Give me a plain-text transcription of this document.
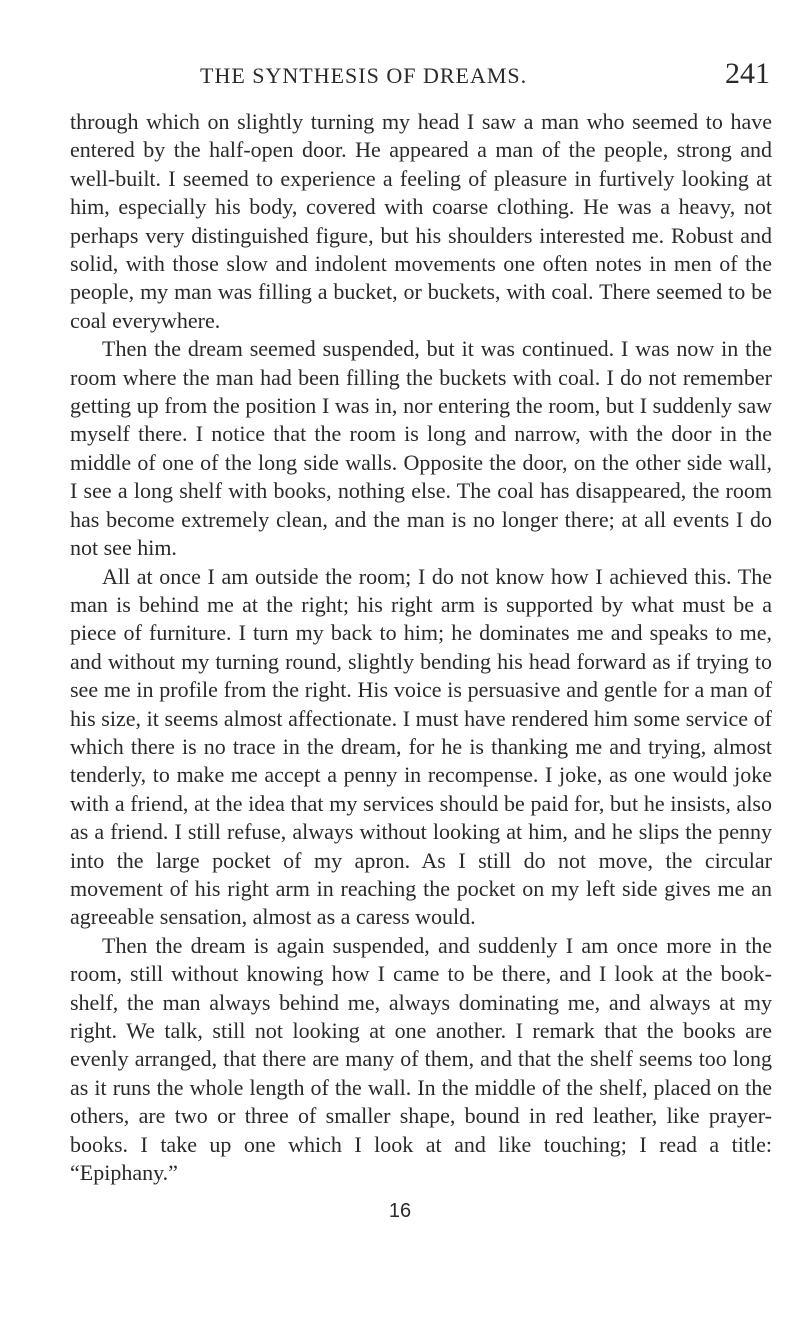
THE SYNTHESIS OF DREAMS.	241

through which on slightly turning my head I saw a man who seemed to have entered by the half-open door. He appeared a man of the people, strong and well-built. I seemed to experience a feeling of pleasure in furtively looking at him, especially his body, covered with coarse clothing. He was a heavy, not perhaps very distinguished figure, but his shoulders interested me. Robust and solid, with those slow and indolent movements one often notes in men of the people, my man was filling a bucket, or buckets, with coal. There seemed to be coal everywhere.

Then the dream seemed suspended, but it was continued. I was now in the room where the man had been filling the buckets with coal. I do not remember getting up from the position I was in, nor entering the room, but I suddenly saw myself there. I notice that the room is long and narrow, with the door in the middle of one of the long side walls. Opposite the door, on the other side wall, I see a long shelf with books, nothing else. The coal has disappeared, the room has become extremely clean, and the man is no longer there; at all events I do not see him.

All at once I am outside the room; I do not know how I achieved this. The man is behind me at the right; his right arm is supported by what must be a piece of furniture. I turn my back to him; he dominates me and speaks to me, and without my turning round, slightly bending his head forward as if trying to see me in profile from the right. His voice is persuasive and gentle for a man of his size, it seems almost affectionate. I must have rendered him some service of which there is no trace in the dream, for he is thanking me and trying, almost tenderly, to make me accept a penny in recompense. I joke, as one would joke with a friend, at the idea that my services should be paid for, but he insists, also as a friend. I still refuse, always without looking at him, and he slips the penny into the large pocket of my apron. As I still do not move, the circular movement of his right arm in reaching the pocket on my left side gives me an agreeable sensation, almost as a caress would.

Then the dream is again suspended, and suddenly I am once more in the room, still without knowing how I came to be there, and I look at the book-shelf, the man always behind me, always dominating me, and always at my right. We talk, still not looking at one another. I remark that the books are evenly arranged, that there are many of them, and that the shelf seems too long as it runs the whole length of the wall. In the middle of the shelf, placed on the others, are two or three of smaller shape, bound in red leather, like prayer-books. I take up one which I look at and like touching; I read a title: “Epiphany.”

16
